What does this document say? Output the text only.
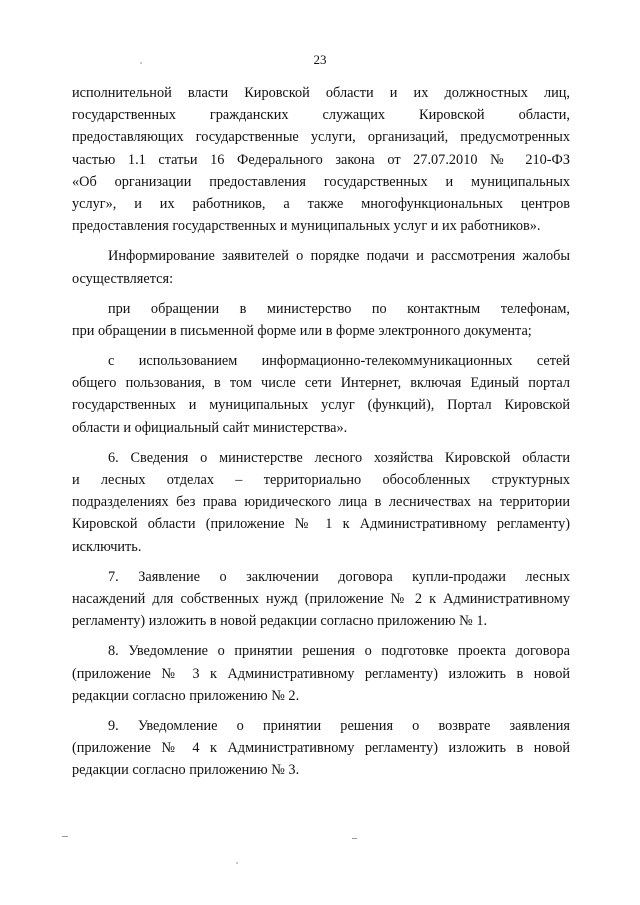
23
исполнительной власти Кировской области и их должностных лиц,
государственных гражданских служащих Кировской области,
предоставляющих государственные услуги, организаций, предусмотренных
частью 1.1 статьи 16 Федерального закона от 27.07.2010 № 210-ФЗ
«Об организации предоставления государственных и муниципальных
услуг», и их работников, а также многофункциональных центров
предоставления государственных и муниципальных услуг и их работников».
Информирование заявителей о порядке подачи и рассмотрения жалобы
осуществляется:
при обращении в министерство по контактным телефонам,
при обращении в письменной форме или в форме электронного документа;
с использованием информационно-телекоммуникационных сетей
общего пользования, в том числе сети Интернет, включая Единый портал
государственных и муниципальных услуг (функций), Портал Кировской
области и официальный сайт министерства».
6. Сведения о министерстве лесного хозяйства Кировской области
и лесных отделах – территориально обособленных структурных
подразделениях без права юридического лица в лесничествах на территории
Кировской области (приложение № 1 к Административному регламенту)
исключить.
7. Заявление о заключении договора купли-продажи лесных
насаждений для собственных нужд (приложение № 2 к Административному
регламенту) изложить в новой редакции согласно приложению № 1.
8. Уведомление о принятии решения о подготовке проекта договора
(приложение № 3 к Административному регламенту) изложить в новой
редакции согласно приложению № 2.
9. Уведомление о принятии решения о возврате заявления
(приложение № 4 к Административному регламенту) изложить в новой
редакции согласно приложению № 3.
